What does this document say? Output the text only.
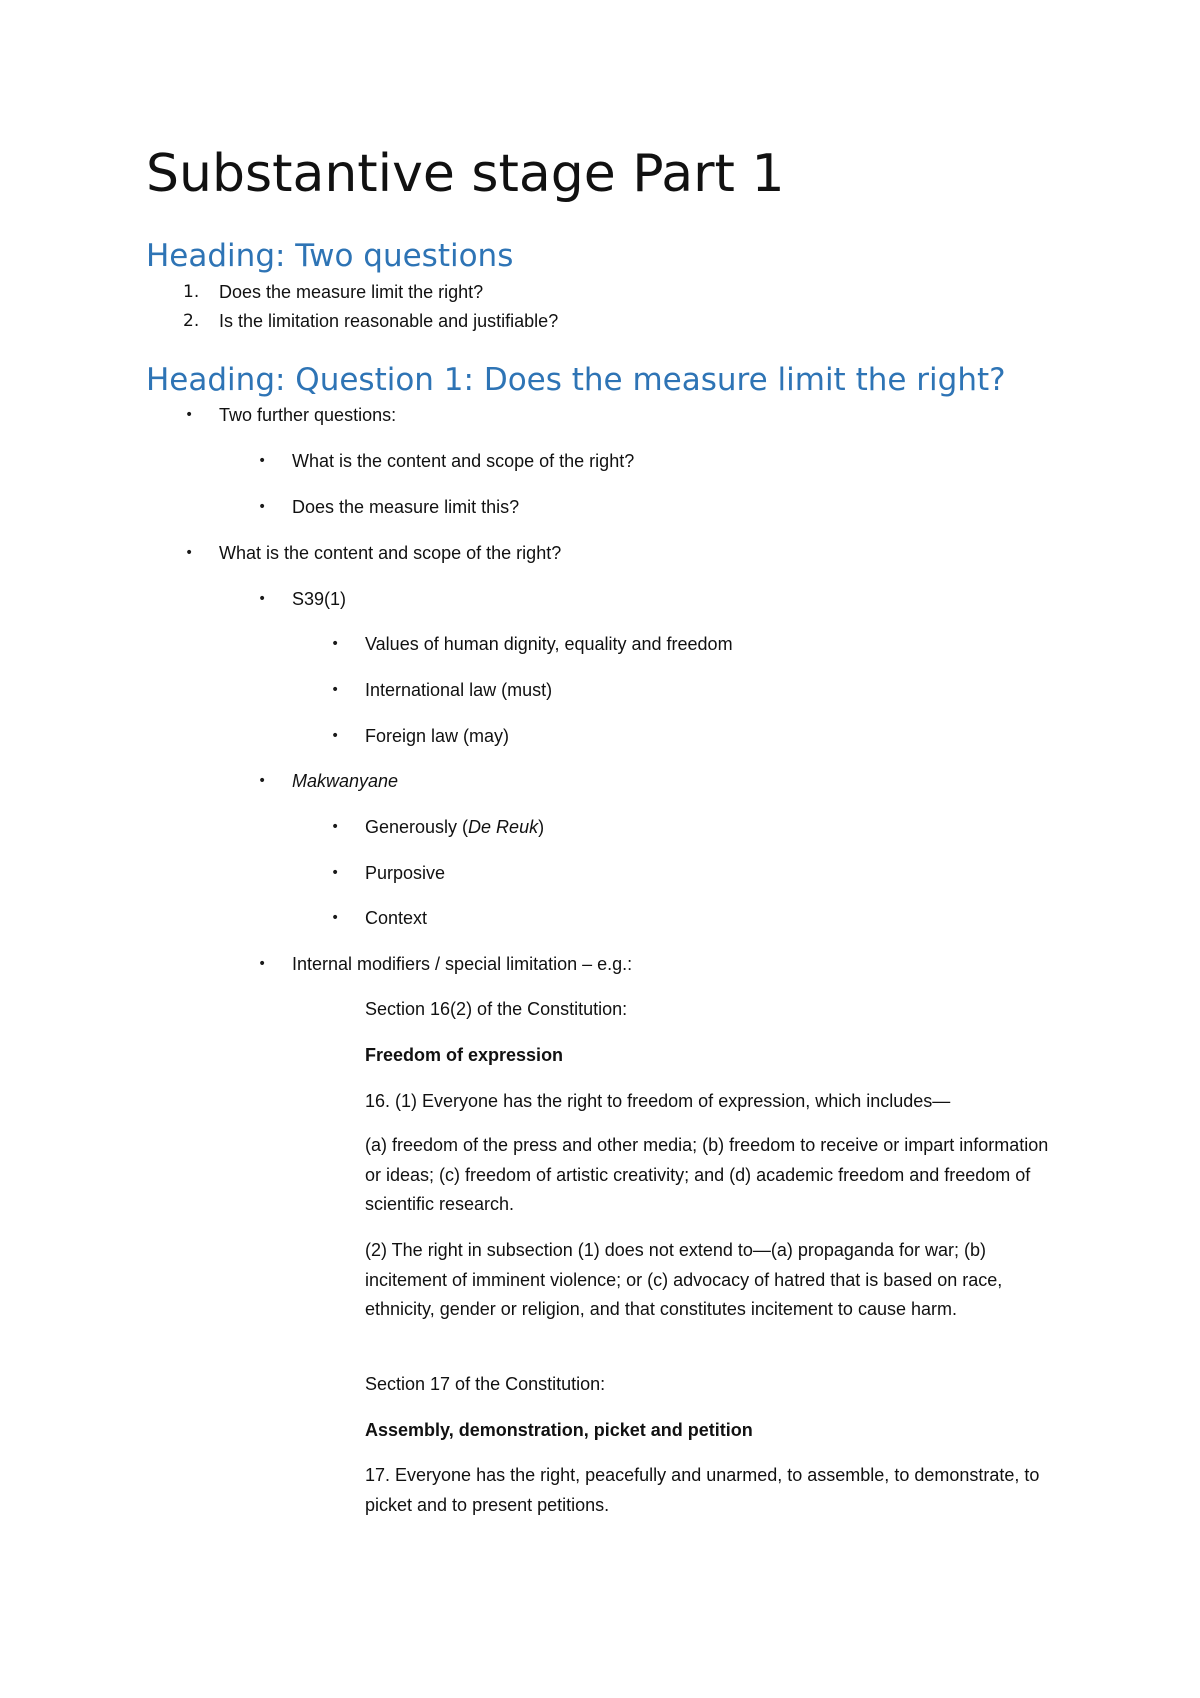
Substantive stage Part 1
Heading: Two questions
1. Does the measure limit the right?
2. Is the limitation reasonable and justifiable?
Heading: Question 1: Does the measure limit the right?
• Two further questions:
• What is the content and scope of the right?
• Does the measure limit this?
• What is the content and scope of the right?
• S39(1)
• Values of human dignity, equality and freedom
• International law (must)
• Foreign law (may)
• Makwanyane
• Generously (De Reuk)
• Purposive
• Context
• Internal modifiers / special limitation – e.g.:
Section 16(2) of the Constitution:
Freedom of expression
16. (1) Everyone has the right to freedom of expression, which includes—
(a) freedom of the press and other media; (b) freedom to receive or impart information or ideas; (c) freedom of artistic creativity; and (d) academic freedom and freedom of scientific research.
(2) The right in subsection (1) does not extend to—(a) propaganda for war; (b) incitement of imminent violence; or (c) advocacy of hatred that is based on race, ethnicity, gender or religion, and that constitutes incitement to cause harm.
Section 17 of the Constitution:
Assembly, demonstration, picket and petition
17. Everyone has the right, peacefully and unarmed, to assemble, to demonstrate, to picket and to present petitions.
